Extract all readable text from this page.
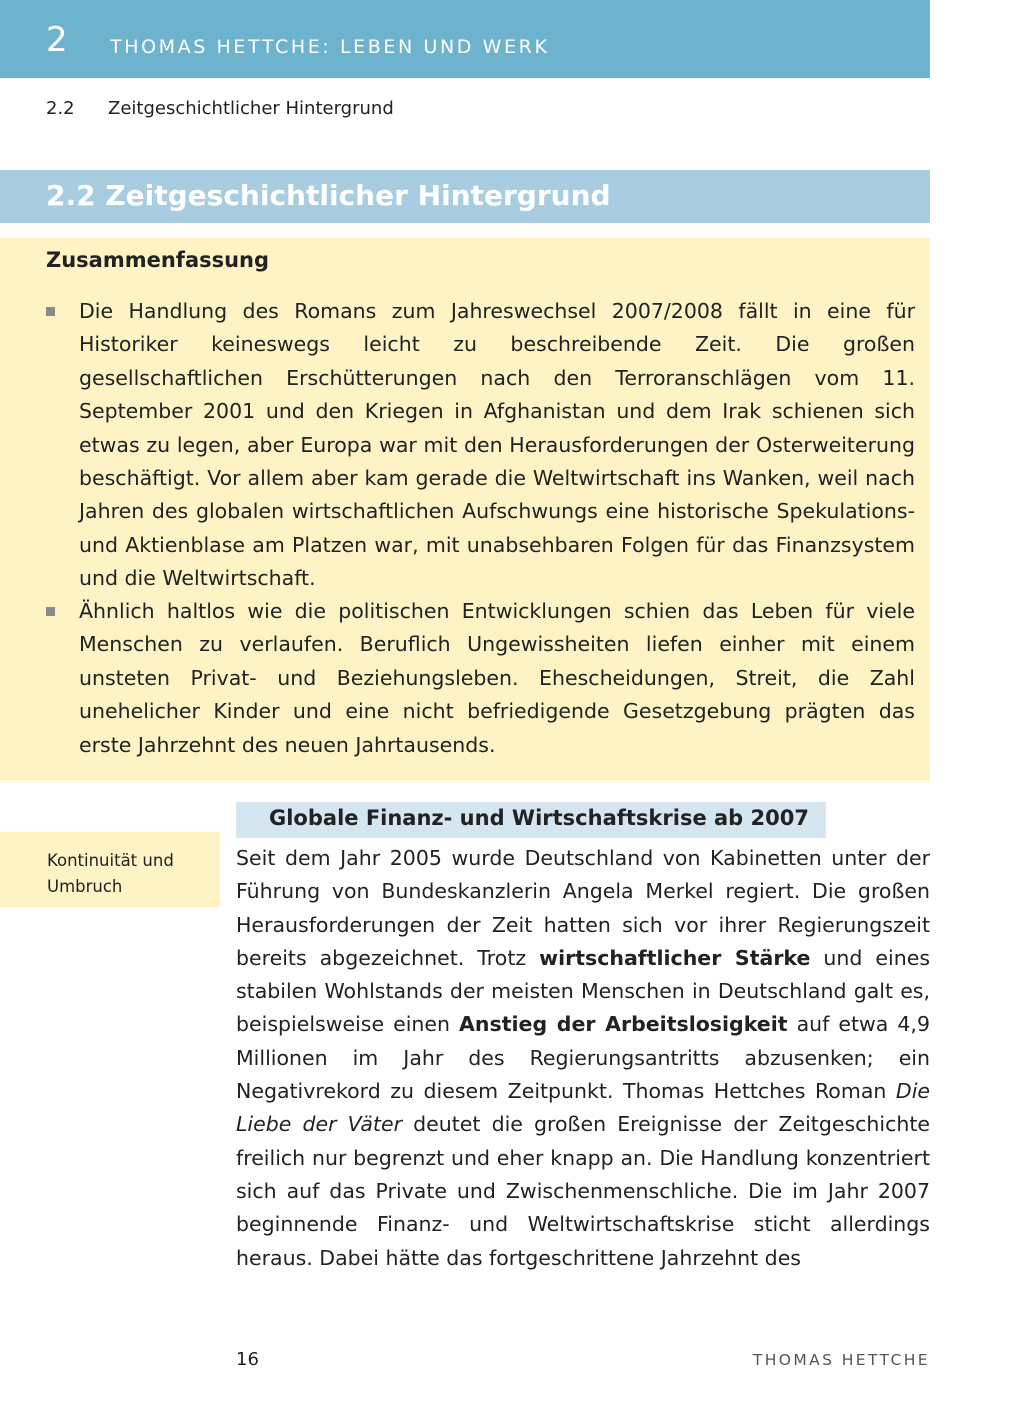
2 THOMAS HETTCHE: LEBEN UND WERK
2.2 Zeitgeschichtlicher Hintergrund
2.2 Zeitgeschichtlicher Hintergrund
Zusammenfassung
Die Handlung des Romans zum Jahreswechsel 2007/2008 fällt in eine für Historiker keineswegs leicht zu beschreibende Zeit. Die großen gesellschaftlichen Erschütterungen nach den Terroranschlägen vom 11. September 2001 und den Kriegen in Afghanistan und dem Irak schienen sich etwas zu legen, aber Europa war mit den Herausforderungen der Osterweiterung beschäftigt. Vor allem aber kam gerade die Weltwirtschaft ins Wanken, weil nach Jahren des globalen wirtschaftlichen Aufschwungs eine historische Spekulations- und Aktienblase am Platzen war, mit unabsehbaren Folgen für das Finanzsystem und die Weltwirtschaft.
Ähnlich haltlos wie die politischen Entwicklungen schien das Leben für viele Menschen zu verlaufen. Beruflich Ungewissheiten liefen einher mit einem unsteten Privat- und Beziehungsleben. Ehescheidungen, Streit, die Zahl unehelicher Kinder und eine nicht befriedigende Gesetzgebung prägten das erste Jahrzehnt des neuen Jahrtausends.
Globale Finanz- und Wirtschaftskrise ab 2007
Kontinuität und Umbruch
Seit dem Jahr 2005 wurde Deutschland von Kabinetten unter der Führung von Bundeskanzlerin Angela Merkel regiert. Die großen Herausforderungen der Zeit hatten sich vor ihrer Regierungszeit bereits abgezeichnet. Trotz wirtschaftlicher Stärke und eines stabilen Wohlstands der meisten Menschen in Deutschland galt es, beispielsweise einen Anstieg der Arbeitslosigkeit auf etwa 4,9 Millionen im Jahr des Regierungsantritts abzusenken; ein Negativrekord zu diesem Zeitpunkt. Thomas Hettches Roman Die Liebe der Väter deutet die großen Ereignisse der Zeitgeschichte freilich nur begrenzt und eher knapp an. Die Handlung konzentriert sich auf das Private und Zwischenmenschliche. Die im Jahr 2007 beginnende Finanz- und Weltwirtschaftskrise sticht allerdings heraus. Dabei hätte das fortgeschrittene Jahrzehnt des
16	THOMAS HETTCHE
